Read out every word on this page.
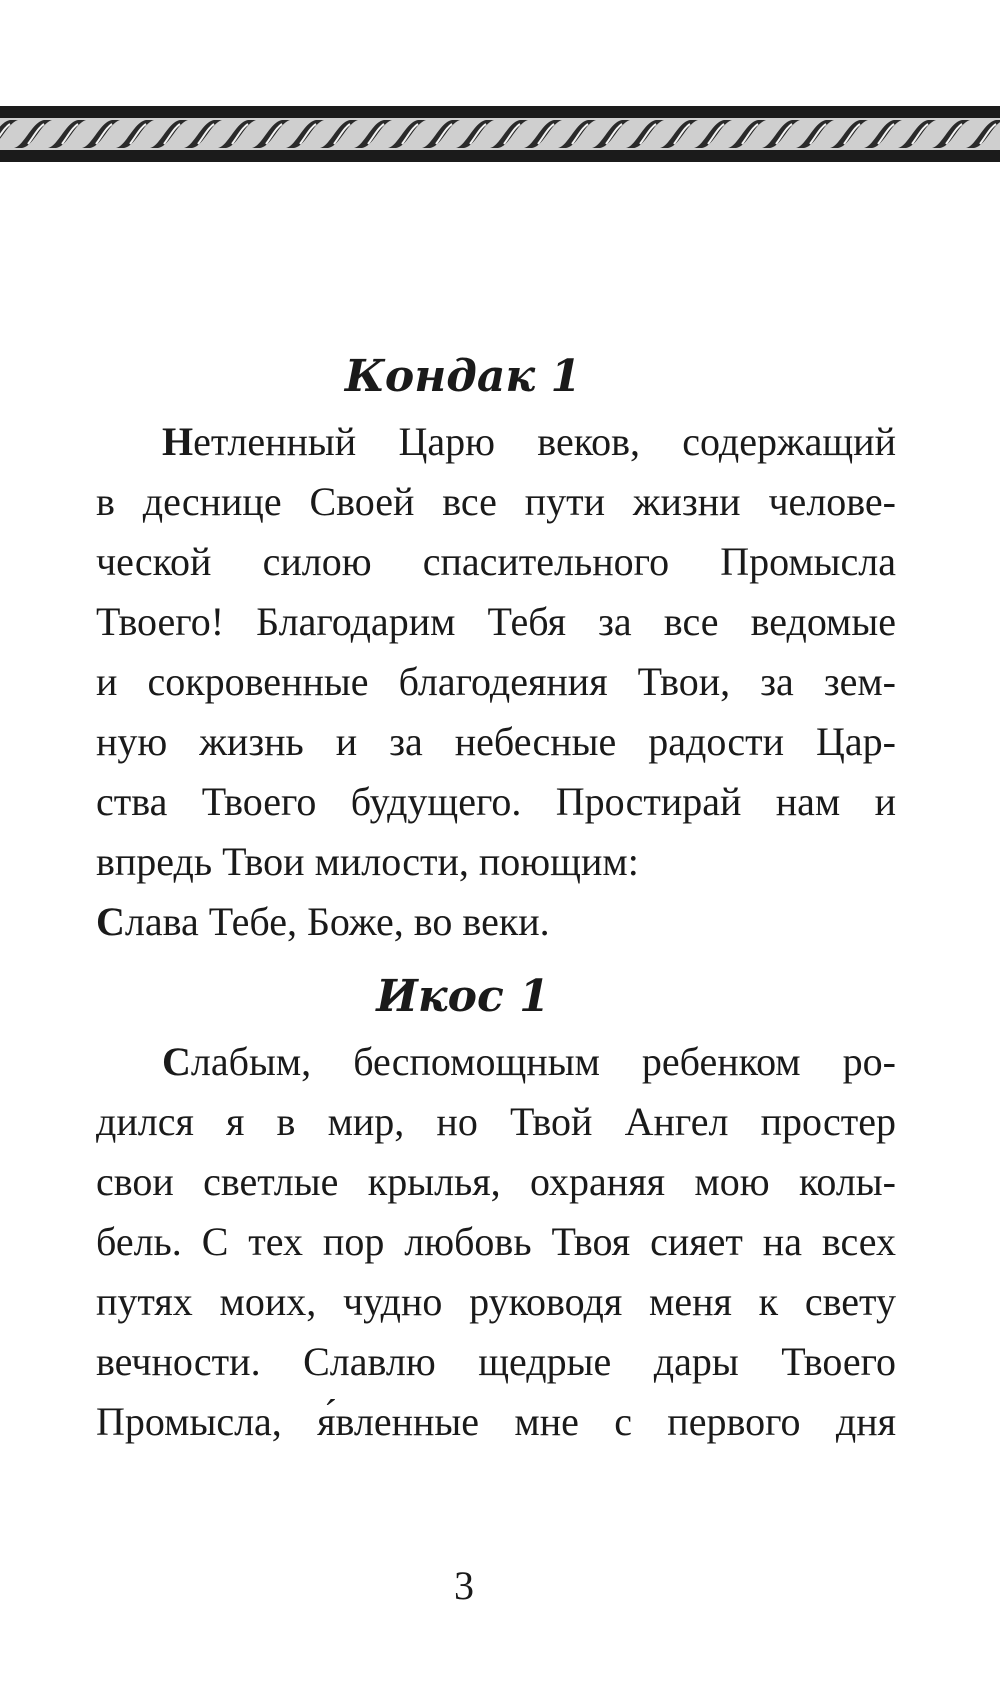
Кондак 1
Нетленный Царю веков, содержащий
в деснице Своей все пути жизни челове-
ческой силою спасительного Промысла
Твоего! Благодарим Тебя за все ведомые
и сокровенные благодеяния Твои, за зем-
ную жизнь и за небесные радости Цар-
ства Твоего будущего. Простирай нам и
впредь Твои милости, поющим:

Слава Тебе, Боже, во веки.

Икос 1
Слабым, беспомощным ребенком ро-
дился я в мир, но Твой Ангел простер
свои светлые крылья, охраняя мою колы-
бель. С тех пор любовь Твоя сияет на всех
путях моих, чудно руководя меня к свету
вечности. Славлю щедрые дары Твоего
Промысла, я́вленные мне с первого дня
3
